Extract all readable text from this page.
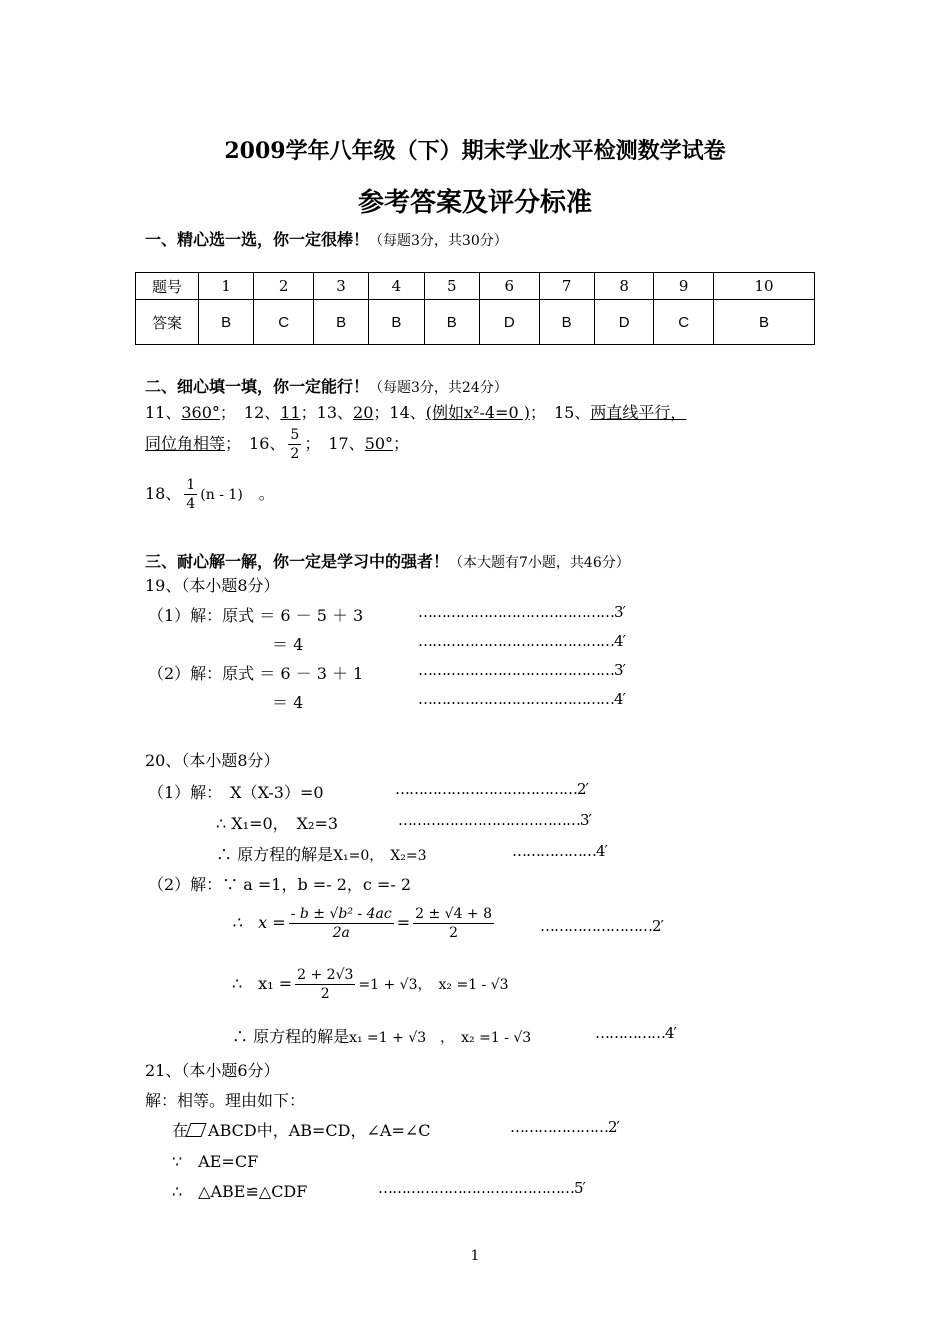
2009学年八年级（下）期末学业水平检测数学试卷
参考答案及评分标准
一、精心选一选，你一定很棒！（每题3分，共30分）
题号	1	2	3	4	5	6	7	8	9	10
答案	B	C	B	B	B	D	B	D	C	B
二、细心填一填，你一定能行！（每题3分，共24分）
11、360°；　12、11；13、20；14、(例如x²-4=0 )；　15、两直线平行，
同位角相等；　16、 $\frac{5}{2}$ ；　17、50°；
18、 $\frac{1}{4} (n - 1)$　 。
三、耐心解一解，你一定是学习中的强者！（本大题有7小题，共46分）
19、（本小题8分）
（1）解：原式 ＝ 6 － 5 ＋ 3
＝ 4
（2）解：原式 ＝ 6 － 3 ＋ 1
＝ 4
……………………………………3′
……………………………………4′
……………………………………3′
……………………………………4′
20、（本小题8分）
（1）解：　X（X-3）=0
∴ X₁=0，　X₂=3
∴ 原方程的解是X₁=0，　X₂=3
…………………………………2′
…………………………………3′
………………4′
（2）解：∵ a =1，b =- 2，c =- 2
∴　$x = \frac{\text{- b ± √b² - 4ac}}{2a} = \frac{2 \pm √4 + 8}{2}$	……………………2′
∴　$x_1 = \frac{2 + 2√3}{2} =1 + √3$，　x₂ =1 - √3
∴ 原方程的解是x₁ =1 + √3　，　x₂ =1 - √3	……………4′
21、（本小题6分）
解：相等。理由如下：
在 ABCD中，AB=CD，∠A=∠C	…………………2′
∵　AE=CF
∴　△ABE≌△CDF	……………………………………5′
1
